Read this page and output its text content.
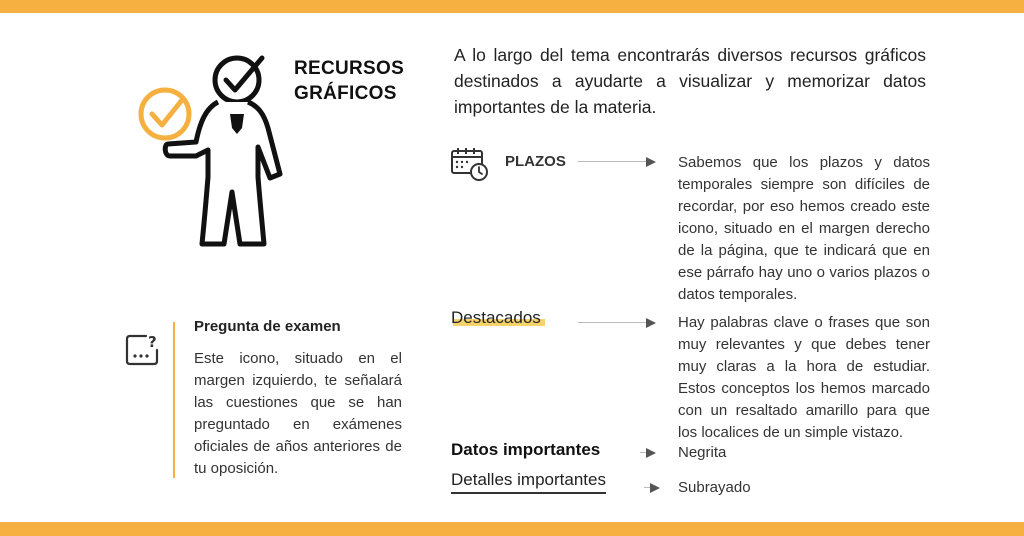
RECURSOS
GRÁFICOS
A lo largo del tema encontrarás diversos recursos gráficos destinados a ayudarte a visualizar y memorizar datos importantes de la materia.
?
Pregunta de examen
Este icono, situado en el margen izquierdo, te señalará las cuestiones que se han preguntado en exámenes oficiales de años anteriores de tu oposición.
PLAZOS	Sabemos que los plazos y datos temporales siempre son difíciles de recordar, por eso hemos creado este icono, situado en el margen derecho de la página, que te indicará que en ese párrafo hay uno o varios plazos o datos temporales.
Destacados	Hay palabras clave o frases que son muy relevantes y que debes tener muy claras a la hora de estudiar. Estos conceptos los hemos marcado con un resaltado amarillo para que los localices de un simple vistazo.
Datos importantes	Negrita
Detalles importantes	Subrayado
